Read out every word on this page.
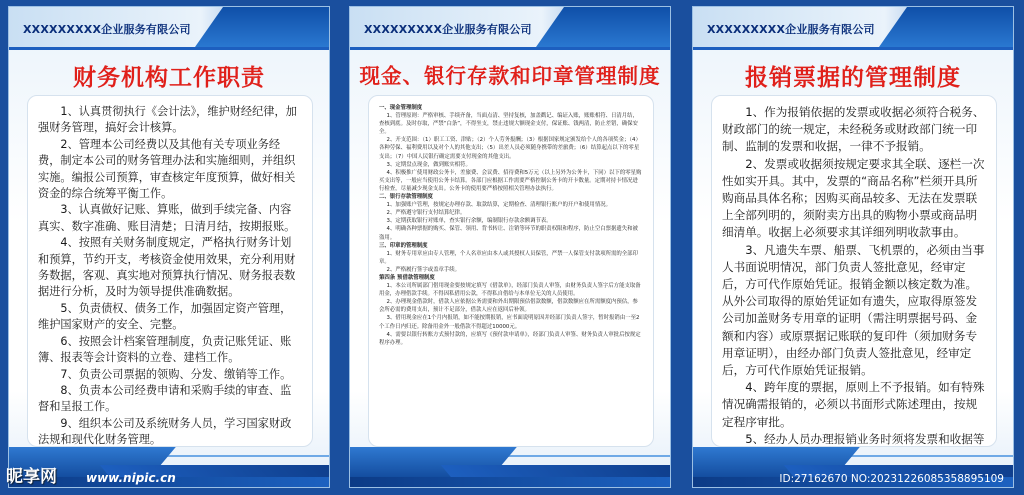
XXXXXXXXX企业服务有限公司
财务机构工作职责

1、认真贯彻执行《会计法》，维护财经纪律，加强财务管理，搞好会计核算。

2、管理本公司经费以及其他有关专项业务经费，制定本公司的财务管理办法和实施细则，并组织实施。编报公司预算，审查核定年度预算，做好相关资金的综合统筹平衡工作。

3、认真做好记账、算账，做到手续完备、内容真实、数字准确、账目清楚；日清月结，按期报账。

4、按照有关财务制度规定，严格执行财务计划和预算，节约开支，考核资金使用效果，充分利用财务数据，客观、真实地对预算执行情况、财务报表数据进行分析，及时为领导提供准确数据。

5、负责债权、债务工作，加强固定资产管理，维护国家财产的安全、完整。

6、按照会计档案管理制度，负责记账凭证、账簿、报表等会计资料的立卷、建档工作。

7、负责公司票据的领购、分发、缴销等工作。

8、负责本公司经费申请和采购手续的审查、监督和呈报工作。

9、组织本公司及系统财务人员，学习国家财政法规和现代化财务管理。

XXXXXXXXX企业服务有限公司
现金、银行存款和印章管理制度

一、现金管理制度

1、管理原则：严格审核、手续齐备，当面点清、坚持复核，加盖戳记、编证入账，账账相符、日清月结，查核到底。及时存取，严禁“白条”，不得坐支，禁止违规大额现金支付，保证账、钱两清，防止差错，确保安全。

2、开支范围：（1）职工工资、津贴；（2）个人劳务报酬；（3）根据国家规定颁发给个人的各项奖金；（4）各种劳保、福利费用以及对个人的其他支出；（5）出差人员必须随身携带的差旅费；（6）结算起点以下的零星支出；（7）中国人民银行确定需要支付现金的其他支出。

3、定期盘点现金，做到账实相符。

4、积极推广使用财政公务卡，差旅费、会议费、招待费和5万元（以上另外为公务卡，下同）以下的零星购买支出等，一般应当使用公务卡结算。各部门应根据工作需要严格控制公务卡的开卡数量。定期对持卡情况进行检查，尽量减少现金支出。公务卡的使用要严格按照相关管理办法执行。

二、银行存款管理制度

1、加强账户管理，按规定办理存款、取款结算，定期检查、清理银行账户的开户和使用情况。

2、严格遵守银行支付结算纪律。

3、定期获取银行对账单，查实银行余额，编制银行存款余额调节表。

4、明确各种票据的购买、保管、领用、背书转让、注销等环节的职责权限和程序，防止空白票据遗失和被盗用。

三、印章的管理制度

1、财务专用章应由专人管理，个人名章应由本人或其授权人员保管，严禁一人保管支付款项所需的全部印章。

2、严格履行签字或盖章手续。

第四条 预借款管理制度

1、本公司所属部门借用现金要按规定填写《借款单》，经部门负责人审签，由财务负责人签字后方能支取备用金，办理借款手续。不得因私借用公款，不得私自借给与本单位无关的人员使用。

2、办理现金借款时，借款人应依据公务需要和外出期限预估借款数额，借款数额应在所需额度内预估，参会所必需的费用支出，预计不足部分，借款人应在返回后补领。

3、借用现金应在1个月内报销，如不能按期报销，应书面说明原因并经部门负责人签字，暂时报销由一至2个工作日内归还。除备用金外一般借款不得超过10000元。

4、需要以银行转账方式预付款的，应填写《预付款申请单》，经部门负责人审签、财务负责人审批后按规定程序办理。

XXXXXXXXX企业服务有限公司
报销票据的管理制度

1、作为报销依据的发票或收据必须符合税务、财政部门的统一规定，未经税务或财政部门统一印制、监制的发票和收据，一律不予报销。

2、发票或收据须按规定要求其全联、逐栏一次性如实开具。其中，发票的“商品名称”栏须开具所购商品具体名称；因购买商品较多、无法在发票联上全部列明的，须附卖方出具的购物小票或商品明细清单。收据上必须要求其详细列明收款事由。

3、凡遗失车票、船票、飞机票的，必须由当事人书面说明情况，部门负责人签批意见，经审定后，方可代作原始凭证。报销金额以核定数为准。从外公司取得的原始凭证如有遗失，应取得原签发公司加盖财务专用章的证明（需注明票据号码、金额和内容）或原票据记账联的复印件（须加财务专用章证明），由经办部门负责人签批意见，经审定后，方可代作原始凭证报销。

4、跨年度的票据，原则上不予报销。如有特殊情况确需报销的，必须以书面形式陈述理由，按规定程序审批。

5、经办人员办理报销业务时须将发票和收据等

昵享网 www.nipic.cn	ID:27162670 NO:20231226085358895109
